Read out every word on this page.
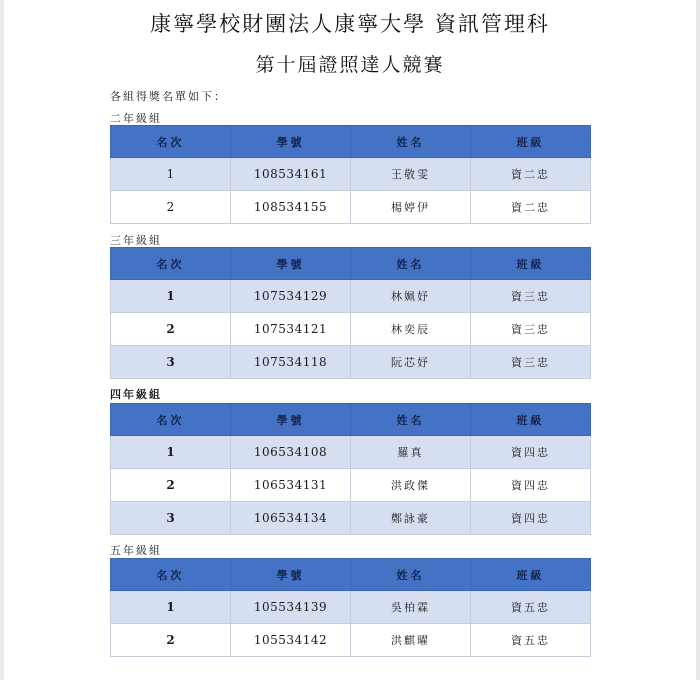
康寧學校財團法人康寧大學 資訊管理科
第十屆證照達人競賽
各組得獎名單如下：
二年級組
名次	學號	姓名	班級
1	108534161	王敬雯	資二忠
2	108534155	楊婷伊	資二忠
三年級組
名次	學號	姓名	班級
1	107534129	林姵妤	資三忠
2	107534121	林奕辰	資三忠
3	107534118	阮芯妤	資三忠
四年級組
名次	學號	姓名	班級
1	106534108	羅真	資四忠
2	106534131	洪政傑	資四忠
3	106534134	鄭詠豪	資四忠
五年級組
名次	學號	姓名	班級
1	105534139	吳柏霖	資五忠
2	105534142	洪麒曜	資五忠
